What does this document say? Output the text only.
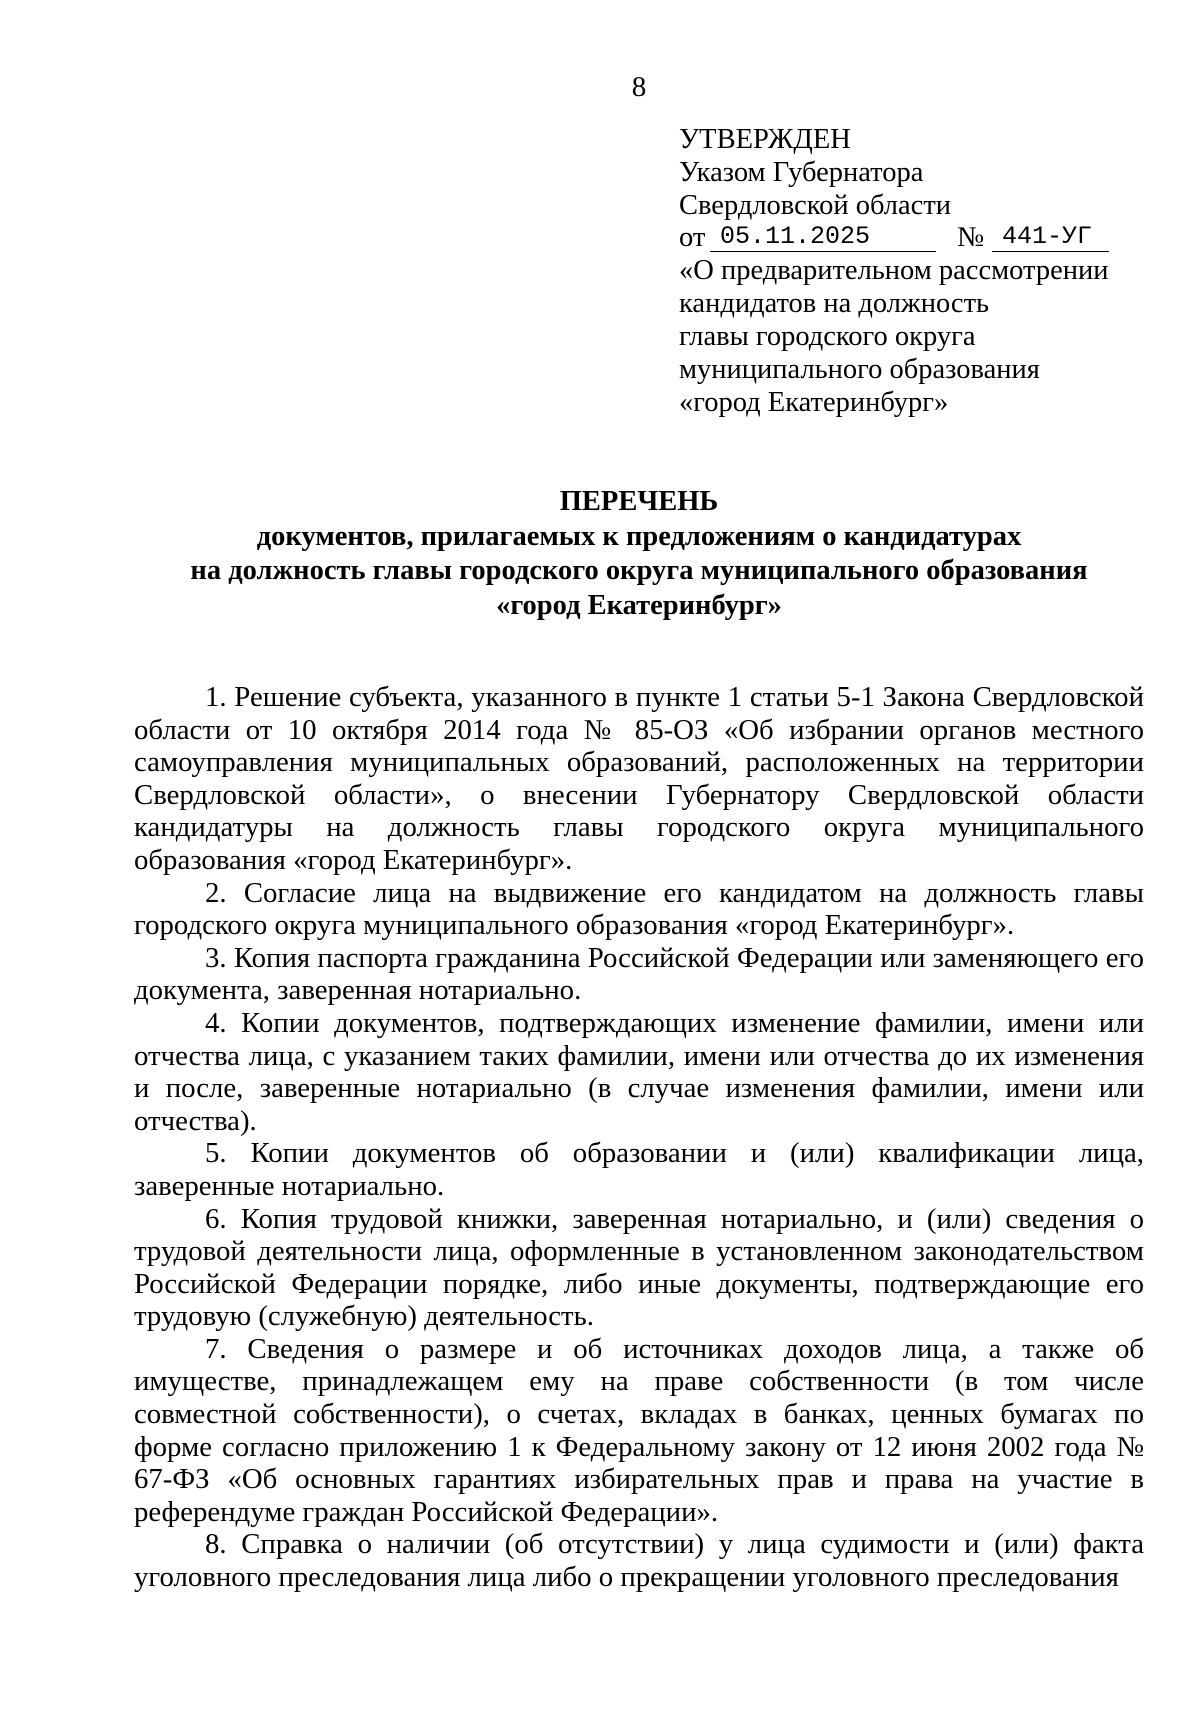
8
УТВЕРЖДЕН
Указом Губернатора
Свердловской области
от 05.11.2025	№ 441-УГ
«О предварительном рассмотрении
кандидатов на должность
главы городского округа
муниципального образования
«город Екатеринбург»
ПЕРЕЧЕНЬ
документов, прилагаемых к предложениям о кандидатурах
на должность главы городского округа муниципального образования
«город Екатеринбург»

1. Решение субъекта, указанного в пункте 1 статьи 5-1 Закона Свердловской области от 10 октября 2014 года № 85-ОЗ «Об избрании органов местного самоуправления муниципальных образований, расположенных на территории Свердловской области», о внесении Губернатору Свердловской области кандидатуры на должность главы городского округа муниципального образования «город Екатеринбург».

2. Согласие лица на выдвижение его кандидатом на должность главы городского округа муниципального образования «город Екатеринбург».

3. Копия паспорта гражданина Российской Федерации или заменяющего его документа, заверенная нотариально.

4. Копии документов, подтверждающих изменение фамилии, имени или отчества лица, с указанием таких фамилии, имени или отчества до их изменения и после, заверенные нотариально (в случае изменения фамилии, имени или отчества).

5. Копии документов об образовании и (или) квалификации лица, заверенные нотариально.

6. Копия трудовой книжки, заверенная нотариально, и (или) сведения о трудовой деятельности лица, оформленные в установленном законодательством Российской Федерации порядке, либо иные документы, подтверждающие его трудовую (служебную) деятельность.

7. Сведения о размере и об источниках доходов лица, а также об имуществе, принадлежащем ему на праве собственности (в том числе совместной собственности), о счетах, вкладах в банках, ценных бумагах по форме согласно приложению 1 к Федеральному закону от 12 июня 2002 года № 67-ФЗ «Об основных гарантиях избирательных прав и права на участие в референдуме граждан Российской Федерации».

8. Справка о наличии (об отсутствии) у лица судимости и (или) факта уголовного преследования лица либо о прекращении уголовного преследования
